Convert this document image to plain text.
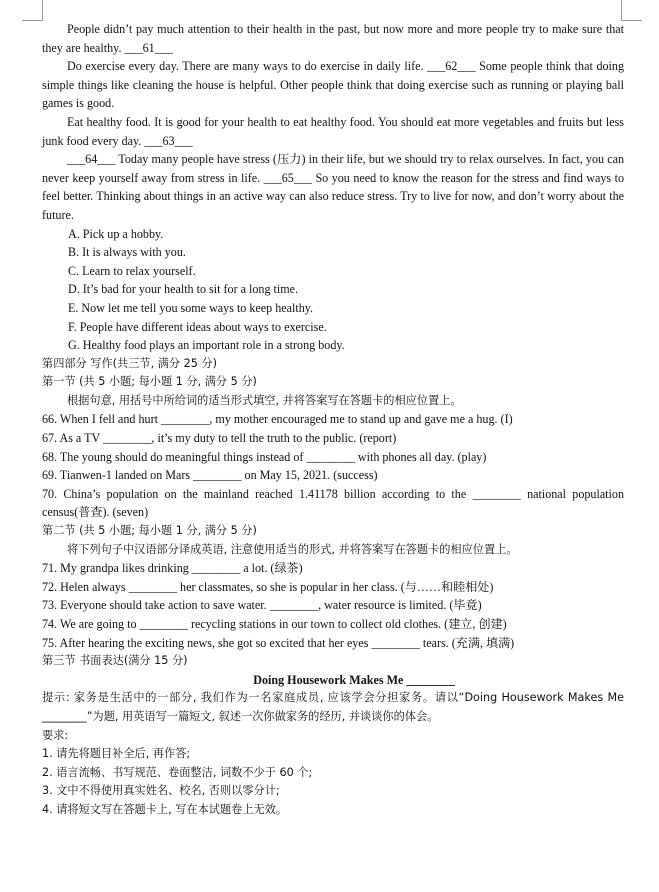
People didn’t pay much attention to their health in the past, but now more and more people try to make sure that they are healthy. ___61___

Do exercise every day. There are many ways to do exercise in daily life. ___62___ Some people think that doing simple things like cleaning the house is helpful. Other people think that doing exercise such as running or playing ball games is good.

Eat healthy food. It is good for your health to eat healthy food. You should eat more vegetables and fruits but less junk food every day. ___63___

___64___ Today many people have stress (压力) in their life, but we should try to relax ourselves. In fact, you can never keep yourself away from stress in life. ___65___ So you need to know the reason for the stress and find ways to feel better. Thinking about things in an active way can also reduce stress. Try to live for now, and don’t worry about the future.

A. Pick up a hobby.

B. It is always with you.

C. Learn to relax yourself.

D. It’s bad for your health to sit for a long time.

E. Now let me tell you some ways to keep healthy.

F. People have different ideas about ways to exercise.

G. Healthy food plays an important role in a strong body.

第四部分 写作(共三节, 满分 25 分)

第一节 (共 5 小题; 每小题 1 分, 满分 5 分)

根据句意, 用括号中所给词的适当形式填空, 并将答案写在答题卡的相应位置上。

66. When I fell and hurt ________, my mother encouraged me to stand up and gave me a hug. (I)

67. As a TV ________, it’s my duty to tell the truth to the public. (report)

68. The young should do meaningful things instead of ________ with phones all day. (play)

69. Tianwen-1 landed on Mars ________ on May 15, 2021. (success)

70. China’s population on the mainland reached 1.41178 billion according to the ________ national population census(普查). (seven)

第二节 (共 5 小题; 每小题 1 分, 满分 5 分)

将下列句子中汉语部分译成英语, 注意使用适当的形式, 并将答案写在答题卡的相应位置上。

71. My grandpa likes drinking ________ a lot. (绿茶)

72. Helen always ________ her classmates, so she is popular in her class. (与……和睦相处)

73. Everyone should take action to save water. ________, water resource is limited. (毕竟)

74. We are going to ________ recycling stations in our town to collect old clothes. (建立, 创建)

75. After hearing the exciting news, she got so excited that her eyes ________ tears. (充满, 填满)

第三节 书面表达(满分 15 分)

Doing Housework Makes Me ________

提示: 家务是生活中的一部分, 我们作为一名家庭成员, 应该学会分担家务。请以“Doing Housework Makes Me ________”为题, 用英语写一篇短文, 叙述一次你做家务的经历, 并谈谈你的体会。

要求:

1. 请先将题目补全后, 再作答;

2. 语言流畅、书写规范、卷面整洁, 词数不少于 60 个;

3. 文中不得使用真实姓名、校名, 否则以零分计;

4. 请将短文写在答题卡上, 写在本试题卷上无效。
